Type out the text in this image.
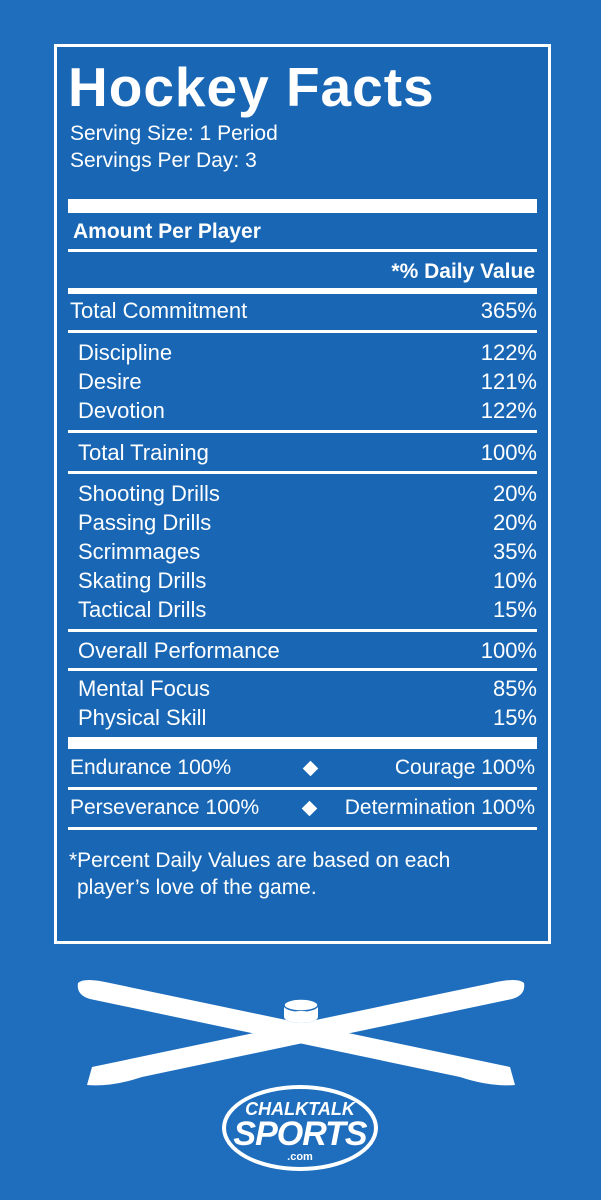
Hockey Facts
Serving Size: 1 Period
Servings Per Day: 3
Amount Per Player
*% Daily Value
Total Commitment	365%
Discipline	122%
Desire	121%
Devotion	122%
Total Training	100%
Shooting Drills	20%
Passing Drills	20%
Scrimmages	35%
Skating Drills	10%
Tactical Drills	15%
Overall Performance	100%
Mental Focus	85%
Physical Skill	15%
Endurance 100%	Courage 100%
Perseverance 100%	Determination 100%
*Percent Daily Values are based on each
player’s love of the game.
CHALKTALK
SPORTS
.com
